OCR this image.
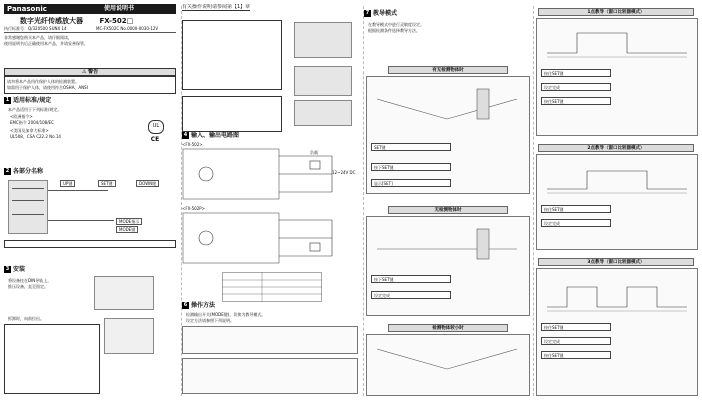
Panasonic	使用说明书
数字光纤传感放大器 FX-502□
执行标准号：Q/320500 SUNX 14	MC-FX502C No.0000-0030-12V
非常感谢您购买本产品，请仔细阅读，
使用说明书后正确使用本产品，并请妥善保管。
⚠ 警告
请勿将本产品用作保护人体的检测装置。
如需用于保护人体，请使用符合OSHA、ANSI
1 适用标准/规定
本产品适用于下列标准/规定。
<欧洲指令>
EMC指令 2004/108/EC
<美国及加拿大标准>
UL508，CSA C22.2 No.14
UL
CE
2 各部分名称
UP键	SET键	DOWN键
MODE指示
MODE键
3 安装
将设备挂在DIN导轨上。
推压设备，直至固定。
拆卸时，向前拉出。
有关操作说明请参阅第【1】章
4 输入、输出电路图
<FX-502>
负载
12~24V DC
<FX-502P>
6 操作方法
检测输出开关(MODE键)，切换为教导模式。
设定方法请参照下列说明。
7 教导模式
在教导模式中进行灵敏度设定。
根据检测条件选择教导方法。
有无检测物体时
SET键
按下SET键
显示[SET]
无检测物体时
按下SET键
设定完成
检测物体较小时
1点教导（窗口比较器模式）
按住SET键
设定完成
按住SET键
2点教导（窗口比较器模式）
按住SET键
设定完成
3点教导（窗口比较器模式）
按住SET键
设定完成
按住SET键
